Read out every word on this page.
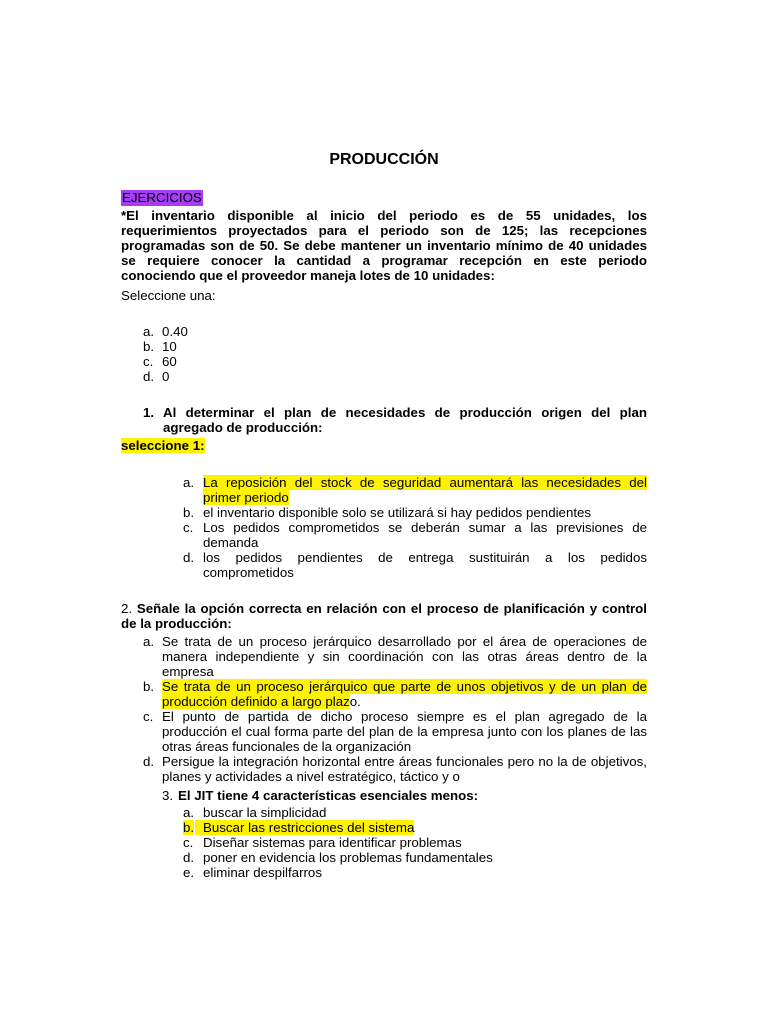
PRODUCCIÓN
EJERCICIOS
*El inventario disponible al inicio del periodo es de 55 unidades, los requerimientos proyectados para el periodo son de 125; las recepciones programadas son de 50. Se debe mantener un inventario mínimo de 40 unidades se requiere conocer la cantidad a programar recepción en este periodo conociendo que el proveedor maneja lotes de 10 unidades:
Seleccione una:
a. 0.40
b. 10
c. 60
d. 0
1. Al determinar el plan de necesidades de producción origen del plan agregado de producción:
seleccione 1:
a. La reposición del stock de seguridad aumentará las necesidades del primer periodo
b. el inventario disponible solo se utilizará si hay pedidos pendientes
c. Los pedidos comprometidos se deberán sumar a las previsiones de demanda
d. los pedidos pendientes de entrega sustituirán a los pedidos comprometidos
2. Señale la opción correcta en relación con el proceso de planificación y control de la producción:
a. Se trata de un proceso jerárquico desarrollado por el área de operaciones de manera independiente y sin coordinación con las otras áreas dentro de la empresa
b. Se trata de un proceso jerárquico que parte de unos objetivos y de un plan de producción definido a largo plazo.
c. El punto de partida de dicho proceso siempre es el plan agregado de la producción el cual forma parte del plan de la empresa junto con los planes de las otras áreas funcionales de la organización
d. Persigue la integración horizontal entre áreas funcionales pero no la de objetivos, planes y actividades a nivel estratégico, táctico y o
3. El JIT tiene 4 características esenciales menos:
a. buscar la simplicidad
b. Buscar las restricciones del sistema
c. Diseñar sistemas para identificar problemas
d. poner en evidencia los problemas fundamentales
e. eliminar despilfarros
